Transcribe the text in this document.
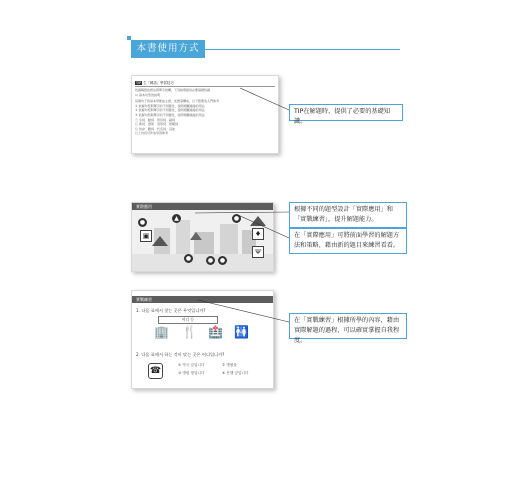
本書使用方式
TIP 生「韓語」學習技巧
依據韓語的語法與單字結構，下列說明提供必要基礎知識
1) 基本句型的說明
每個句子的基本形態由主語、述語等構成，以下整理為入門參考
① 依據句型與單字的不同變化，說明相關連接的用法
② 依據句型與單字的不同變化，說明相關連接的用法
③ 依據句型與單字的不同變化，說明相關連接的用法
㉠ 名詞　動詞　形容詞　副詞
㉡ 助詞　語尾　冠形詞　感嘆詞
㉢ 依存　數詞　代名詞　其他
以上內容可作為學習參考
實際應用
●
▲	●
▣	♦
Ψ
●	●	●
實戰練習
1. 다음 표에서 찾는 곳은 무엇입니까?
어디 등
🏢 🍴 🏥 🚻
2. 다음 표에서 하는 것이 맞는 곳은 어디입니까?
☎
① 약국 앞입니다	② 병원을
③ 병원 옆입니다	④ 은행 앞입니다
TIP在解題時，提供了必要的基礎知識。
根據不同的題型設計「實際應用」和「實戰練習」，提升解題能力。
在「實際應用」可將前面學習的解題方法和策略，藉由新的題目來練習看看。
在「實戰練習」根據所學的內容，藉由實際解題的過程，可以確實掌握自我程度。
